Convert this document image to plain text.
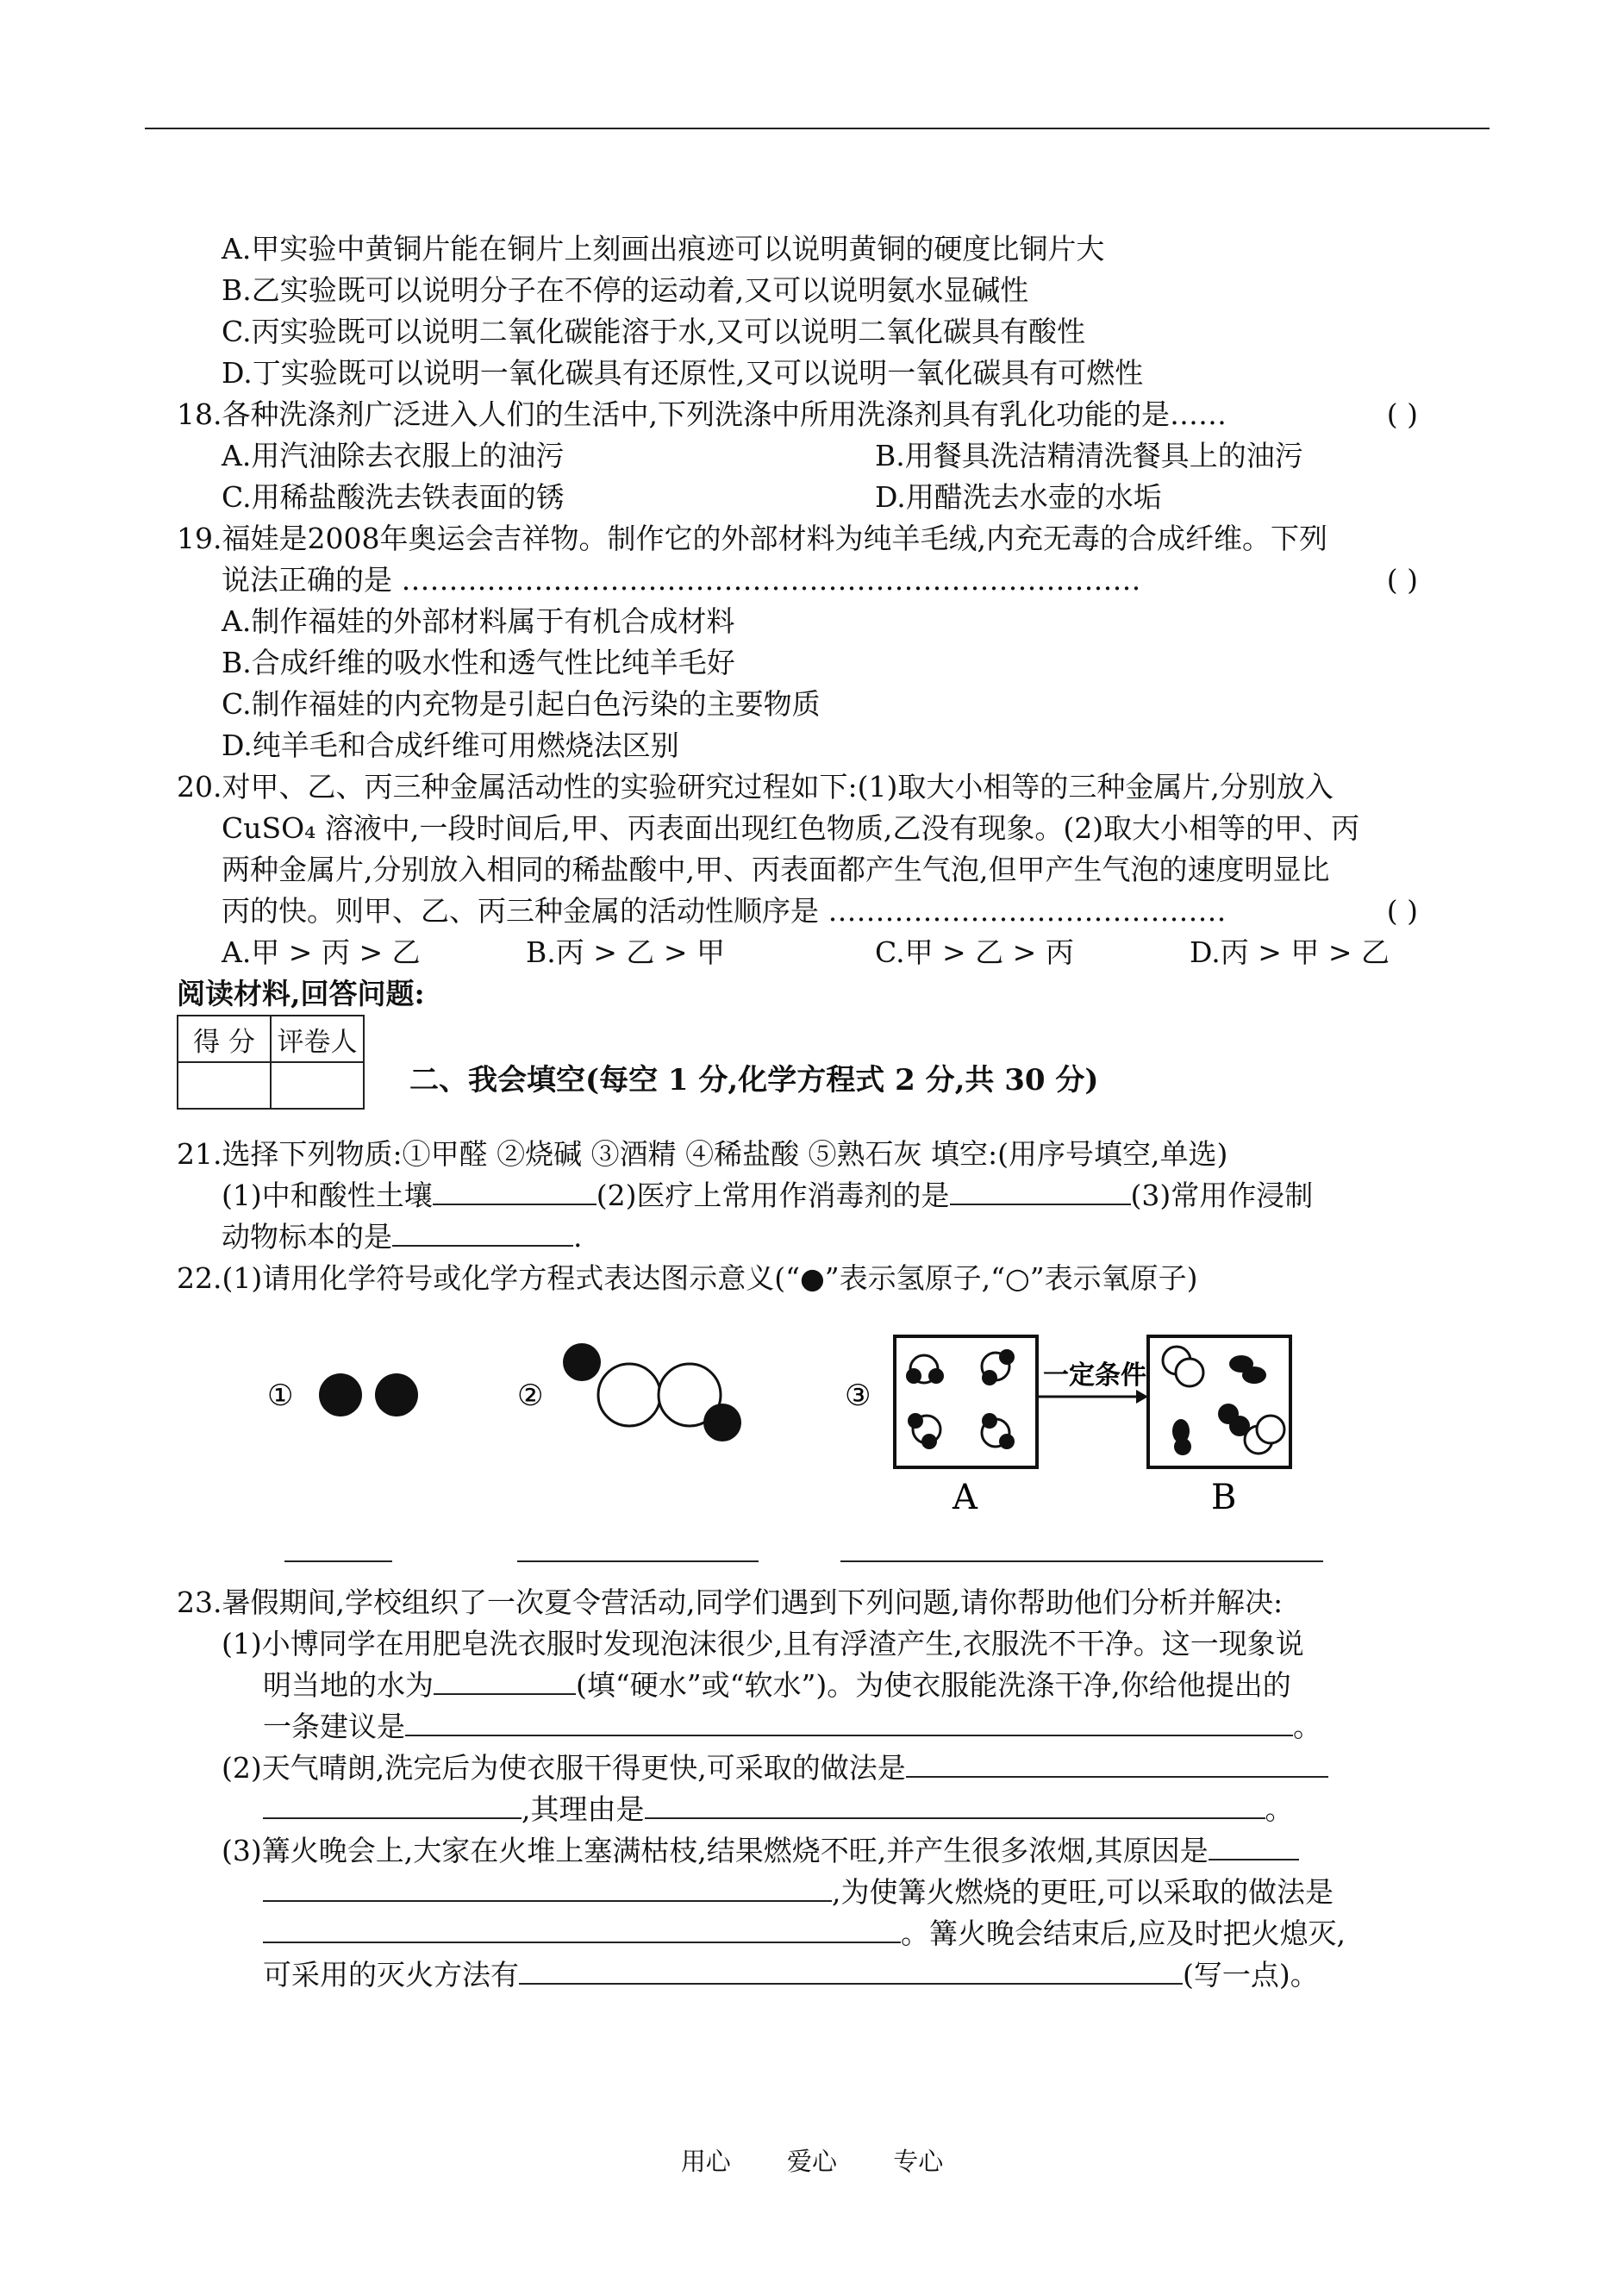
A.甲实验中黄铜片能在铜片上刻画出痕迹可以说明黄铜的硬度比铜片大
B.乙实验既可以说明分子在不停的运动着,又可以说明氨水显碱性
C.丙实验既可以说明二氧化碳能溶于水,又可以说明二氧化碳具有酸性
D.丁实验既可以说明一氧化碳具有还原性,又可以说明一氧化碳具有可燃性
18.各种洗涤剂广泛进入人们的生活中,下列洗涤中所用洗涤剂具有乳化功能的是……	( )
A.用汽油除去衣服上的油污	B.用餐具洗洁精清洗餐具上的油污
C.用稀盐酸洗去铁表面的锈	D.用醋洗去水壶的水垢
19.福娃是2008年奥运会吉祥物。制作它的外部材料为纯羊毛绒,内充无毒的合成纤维。下列
说法正确的是 ……………………………………………………………………	( )
A.制作福娃的外部材料属于有机合成材料
B.合成纤维的吸水性和透气性比纯羊毛好
C.制作福娃的内充物是引起白色污染的主要物质
D.纯羊毛和合成纤维可用燃烧法区别
20.对甲、乙、丙三种金属活动性的实验研究过程如下:(1)取大小相等的三种金属片,分别放入
CuSO₄ 溶液中,一段时间后,甲、丙表面出现红色物质,乙没有现象。(2)取大小相等的甲、丙
两种金属片,分别放入相同的稀盐酸中,甲、丙表面都产生气泡,但甲产生气泡的速度明显比
丙的快。则甲、乙、丙三种金属的活动性顺序是 ……………………………………	( )
A.甲 > 丙 > 乙	B.丙 > 乙 > 甲	C.甲 > 乙 > 丙	D.丙 > 甲 > 乙
阅读材料,回答问题:
得 分	评卷人

二、我会填空(每空 1 分,化学方程式 2 分,共 30 分)
21.选择下列物质:①甲醛 ②烧碱 ③酒精 ④稀盐酸 ⑤熟石灰 填空:(用序号填空,单选)
(1)中和酸性土壤	(2)医疗上常用作消毒剂的是	(3)常用作浸制
动物标本的是	.
22.(1)请用化学符号或化学方程式表达图示意义(“●”表示氢原子,“○”表示氧原子)
①	②	③
一定条件
A	B
23.暑假期间,学校组织了一次夏令营活动,同学们遇到下列问题,请你帮助他们分析并解决:
(1)小博同学在用肥皂洗衣服时发现泡沫很少,且有浮渣产生,衣服洗不干净。这一现象说
明当地的水为	(填“硬水”或“软水”)。为使衣服能洗涤干净,你给他提出的
一条建议是	。
(2)天气晴朗,洗完后为使衣服干得更快,可采取的做法是
,其理由是	。
(3)篝火晚会上,大家在火堆上塞满枯枝,结果燃烧不旺,并产生很多浓烟,其原因是
,为使篝火燃烧的更旺,可以采取的做法是
。篝火晚会结束后,应及时把火熄灭,
可采用的灭火方法有	(写一点)。
用心 爱心 专心
